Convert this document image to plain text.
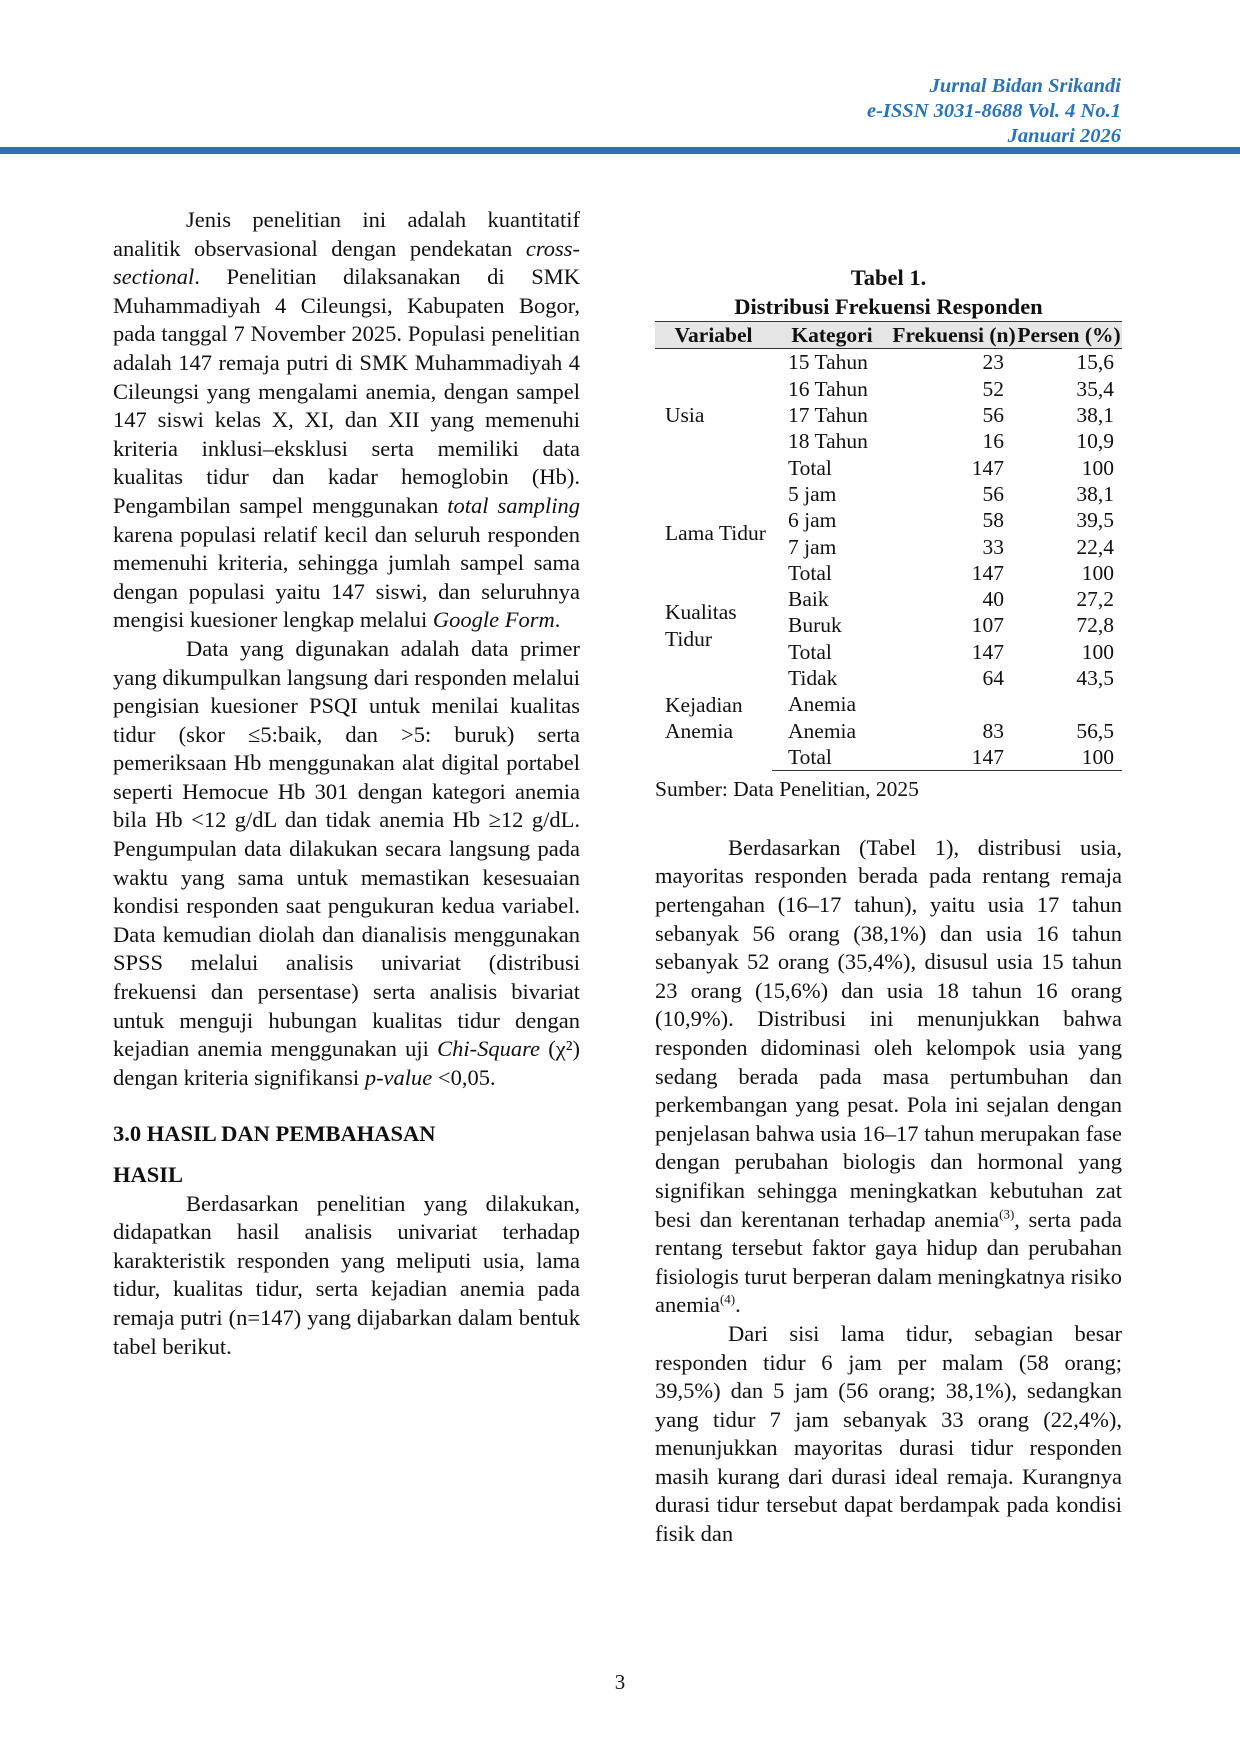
Jurnal Bidan Srikandi
e-ISSN 3031-8688 Vol. 4 No.1
Januari 2026

Jenis penelitian ini adalah kuantitatif analitik observasional dengan pendekatan cross-sectional. Penelitian dilaksanakan di SMK Muhammadiyah 4 Cileungsi, Kabupaten Bogor, pada tanggal 7 November 2025. Populasi penelitian adalah 147 remaja putri di SMK Muhammadiyah 4 Cileungsi yang mengalami anemia, dengan sampel 147 siswi kelas X, XI, dan XII yang memenuhi kriteria inklusi–eksklusi serta memiliki data kualitas tidur dan kadar hemoglobin (Hb). Pengambilan sampel menggunakan total sampling karena populasi relatif kecil dan seluruh responden memenuhi kriteria, sehingga jumlah sampel sama dengan populasi yaitu 147 siswi, dan seluruhnya mengisi kuesioner lengkap melalui Google Form.

Data yang digunakan adalah data primer yang dikumpulkan langsung dari responden melalui pengisian kuesioner PSQI untuk menilai kualitas tidur (skor ≤5:baik, dan >5: buruk) serta pemeriksaan Hb menggunakan alat digital portabel seperti Hemocue Hb 301 dengan kategori anemia bila Hb <12 g/dL dan tidak anemia Hb ≥12 g/dL. Pengumpulan data dilakukan secara langsung pada waktu yang sama untuk memastikan kesesuaian kondisi responden saat pengukuran kedua variabel. Data kemudian diolah dan dianalisis menggunakan SPSS melalui analisis univariat (distribusi frekuensi dan persentase) serta analisis bivariat untuk menguji hubungan kualitas tidur dengan kejadian anemia menggunakan uji Chi-Square (χ²) dengan kriteria signifikansi p-value <0,05.

3.0 HASIL DAN PEMBAHASAN

HASIL

Berdasarkan penelitian yang dilakukan, didapatkan hasil analisis univariat terhadap karakteristik responden yang meliputi usia, lama tidur, kualitas tidur, serta kejadian anemia pada remaja putri (n=147) yang dijabarkan dalam bentuk tabel berikut.

Tabel 1.

Distribusi Frekuensi Responden

Variabel	Kategori	Frekuensi (n)	Persen (%)
Usia	15 Tahun	23	15,6
	16 Tahun	52	35,4
	17 Tahun	56	38,1
	18 Tahun	16	10,9
	Total	147	100
Lama Tidur	5 jam	56	38,1
	6 jam	58	39,5
	7 jam	33	22,4
	Total	147	100
Kualitas Tidur	Baik	40	27,2
	Buruk	107	72,8
	Total	147	100
Kejadian Anemia	Tidak Anemia	64	43,5
	Anemia	83	56,5
	Total	147	100

Sumber: Data Penelitian, 2025

Berdasarkan (Tabel 1), distribusi usia, mayoritas responden berada pada rentang remaja pertengahan (16–17 tahun), yaitu usia 17 tahun sebanyak 56 orang (38,1%) dan usia 16 tahun sebanyak 52 orang (35,4%), disusul usia 15 tahun 23 orang (15,6%) dan usia 18 tahun 16 orang (10,9%). Distribusi ini menunjukkan bahwa responden didominasi oleh kelompok usia yang sedang berada pada masa pertumbuhan dan perkembangan yang pesat. Pola ini sejalan dengan penjelasan bahwa usia 16–17 tahun merupakan fase dengan perubahan biologis dan hormonal yang signifikan sehingga meningkatkan kebutuhan zat besi dan kerentanan terhadap anemia$^{(3)}$, serta pada rentang tersebut faktor gaya hidup dan perubahan fisiologis turut berperan dalam meningkatnya risiko anemia$^{(4)}$.

Dari sisi lama tidur, sebagian besar responden tidur 6 jam per malam (58 orang; 39,5%) dan 5 jam (56 orang; 38,1%), sedangkan yang tidur 7 jam sebanyak 33 orang (22,4%), menunjukkan mayoritas durasi tidur responden masih kurang dari durasi ideal remaja. Kurangnya durasi tidur tersebut dapat berdampak pada kondisi fisik dan

3
